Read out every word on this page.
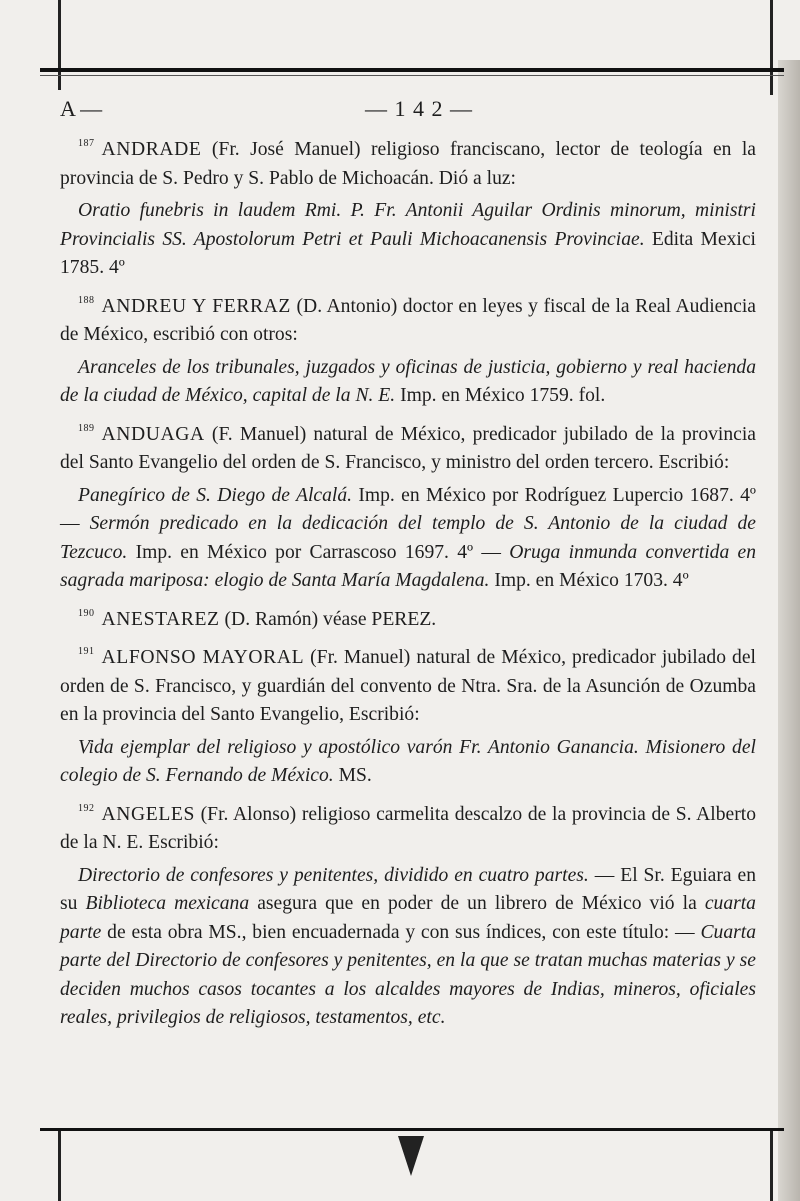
A —	— 1 4 2 —

$^{187}$ ANDRADE (Fr. José Manuel) religioso franciscano, lector de teología en la provincia de S. Pedro y S. Pablo de Michoacán. Dió a luz:

Oratio funebris in laudem Rmi. P. Fr. Antonii Aguilar Ordinis minorum, ministri Provincialis SS. Apostolorum Petri et Pauli Michoacanensis Provinciae. Edita Mexici 1785. 4º

$^{188}$ ANDREU Y FERRAZ (D. Antonio) doctor en leyes y fiscal de la Real Audiencia de México, escribió con otros:

Aranceles de los tribunales, juzgados y oficinas de justicia, gobierno y real hacienda de la ciudad de México, capital de la N. E. Imp. en México 1759. fol.

$^{189}$ ANDUAGA (F. Manuel) natural de México, predicador jubilado de la provincia del Santo Evangelio del orden de S. Francisco, y ministro del orden tercero. Escribió:

Panegírico de S. Diego de Alcalá. Imp. en México por Rodríguez Lupercio 1687. 4º — Sermón predicado en la dedicación del templo de S. Antonio de la ciudad de Tezcuco. Imp. en México por Carrascoso 1697. 4º — Oruga inmunda convertida en sagrada mariposa: elogio de Santa María Magdalena. Imp. en México 1703. 4º

$^{190}$ ANESTAREZ (D. Ramón) véase PEREZ.

$^{191}$ ALFONSO MAYORAL (Fr. Manuel) natural de México, predicador jubilado del orden de S. Francisco, y guardián del convento de Ntra. Sra. de la Asunción de Ozumba en la provincia del Santo Evangelio, Escribió:

Vida ejemplar del religioso y apostólico varón Fr. Antonio Ganancia. Misionero del colegio de S. Fernando de México. MS.

$^{192}$ ANGELES (Fr. Alonso) religioso carmelita descalzo de la provincia de S. Alberto de la N. E. Escribió:

Directorio de confesores y penitentes, dividido en cuatro partes. — El Sr. Eguiara en su Biblioteca mexicana asegura que en poder de un librero de México vió la cuarta parte de esta obra MS., bien encuadernada y con sus índices, con este título: — Cuarta parte del Directorio de confesores y penitentes, en la que se tratan muchas materias y se deciden muchos casos tocantes a los alcaldes mayores de Indias, mineros, oficiales reales, privilegios de religiosos, testamentos, etc.
